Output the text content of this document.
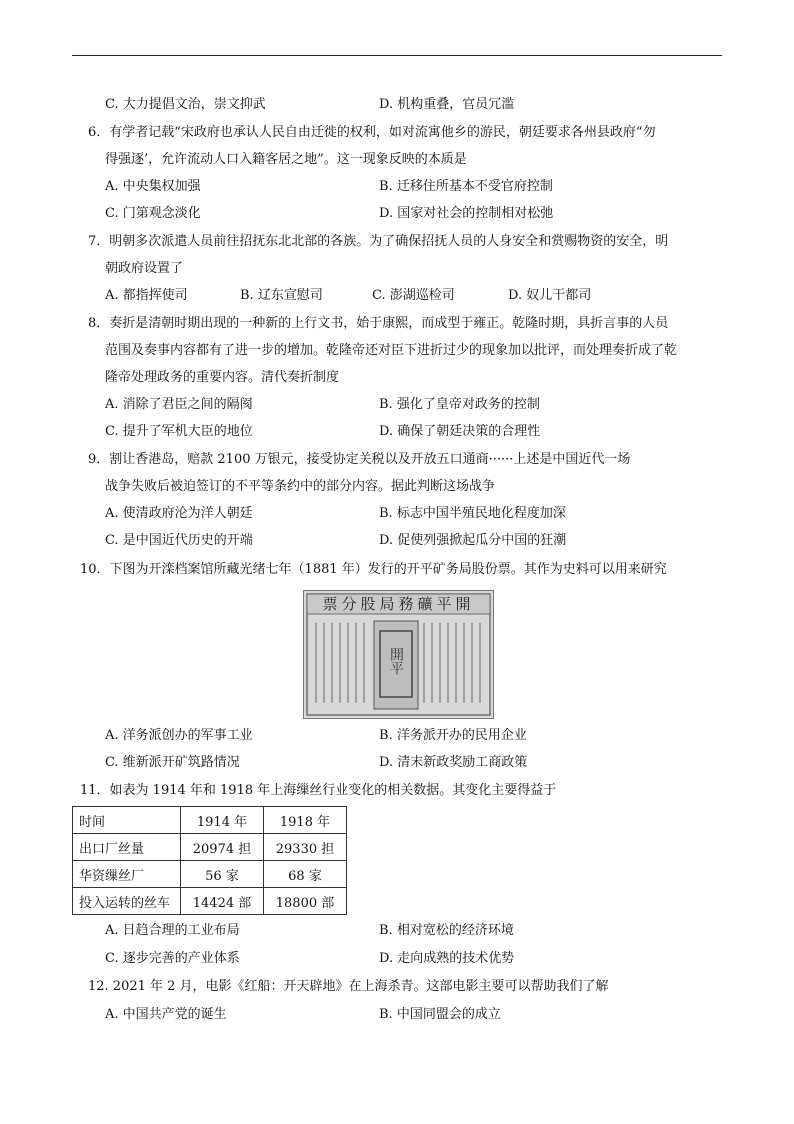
C. 大力提倡文治，崇文抑武	D. 机构重叠，官员冗滥
6．有学者记载“宋政府也承认人民自由迁徙的权利，如对流寓他乡的游民，朝廷要求各州县政府“勿
得强逐’，允许流动人口入籍客居之地”。这一现象反映的本质是
A. 中央集权加强	B. 迁移住所基本不受官府控制
C. 门第观念淡化	D. 国家对社会的控制相对松弛
7．明朝多次派遣人员前往招抚东北北部的各族。为了确保招抚人员的人身安全和赏赐物资的安全，明
朝政府设置了
A. 都指挥使司	B. 辽东宣慰司	C. 澎湖巡检司	D. 奴儿干都司
8．奏折是清朝时期出现的一种新的上行文书，始于康熙，而成型于雍正。乾隆时期，具折言事的人员
范围及奏事内容都有了进一步的增加。乾隆帝还对臣下进折过少的现象加以批评，而处理奏折成了乾
隆帝处理政务的重要内容。清代奏折制度
A. 消除了君臣之间的隔阂	B. 强化了皇帝对政务的控制
C. 提升了军机大臣的地位	D. 确保了朝廷决策的合理性
9．割让香港岛，赔款 2100 万银元，接受协定关税以及开放五口通商······上述是中国近代一场
战争失败后被迫签订的不平等条约中的部分内容。据此判断这场战争
A. 使清政府沦为洋人朝廷	B. 标志中国半殖民地化程度加深
C. 是中国近代历史的开端	D. 促使列强掀起瓜分中国的狂潮
10．下图为开滦档案馆所藏光绪七年（1881 年）发行的开平矿务局股份票。其作为史料可以用来研究
票分股局務礦平開
開平
A. 洋务派创办的军事工业	B. 洋务派开办的民用企业
C. 维新派开矿筑路情况	D. 清末新政奖励工商政策
11．如表为 1914 年和 1918 年上海缫丝行业变化的相关数据。其变化主要得益于
时间	1914 年	1918 年
出口厂丝量	20974 担	29330 担
华资缫丝厂	56 家	68 家
投入运转的丝车	14424 部	18800 部
A. 日趋合理的工业布局	B. 相对宽松的经济环境
C. 逐步完善的产业体系	D. 走向成熟的技术优势
12. 2021 年 2 月，电影《红船：开天辟地》在上海杀青。这部电影主要可以帮助我们了解
A. 中国共产党的诞生	B. 中国同盟会的成立
